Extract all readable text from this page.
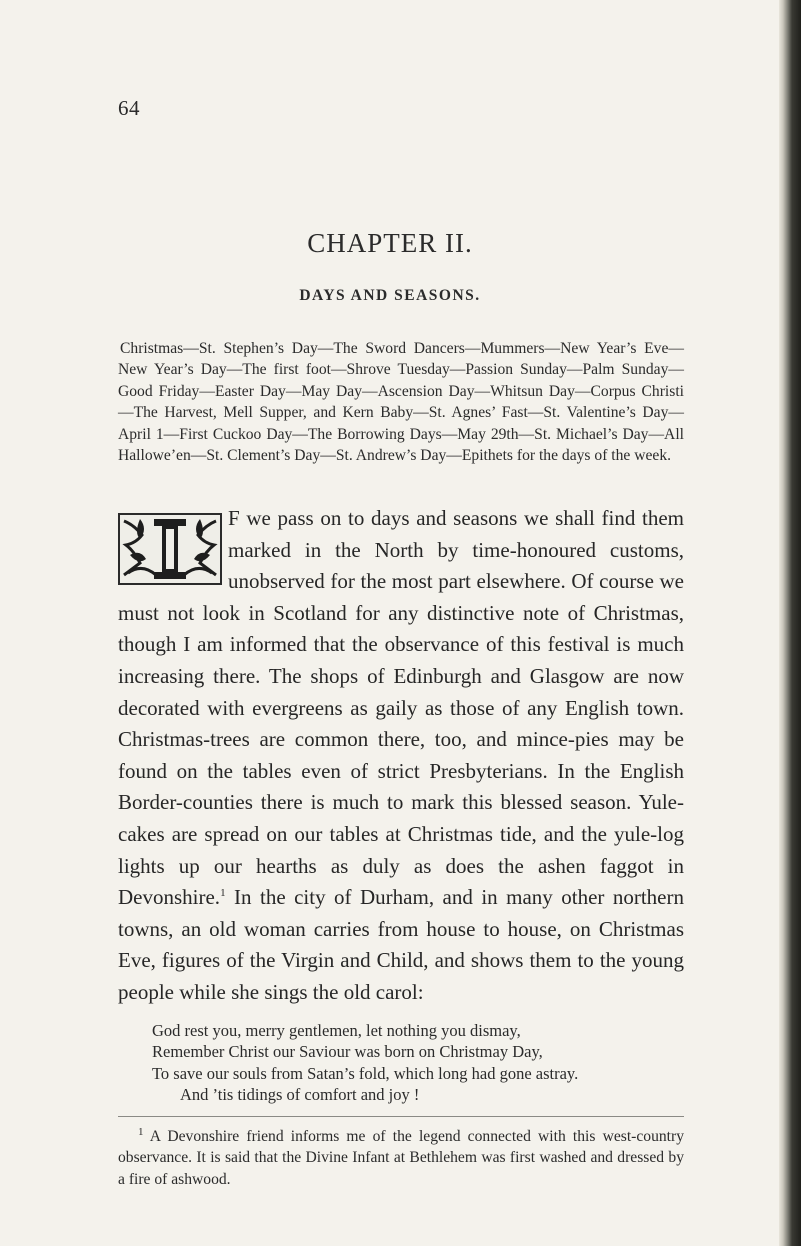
64
CHAPTER II.
DAYS AND SEASONS.
Christmas—St. Stephen’s Day—The Sword Dancers—Mummers—New Year’s Eve—New Year’s Day—The first foot—Shrove Tuesday—Passion Sunday—Palm Sunday—Good Friday—Easter Day—May Day—Ascension Day—Whitsun Day—Corpus Christi—The Harvest, Mell Supper, and Kern Baby—St. Agnes’ Fast—St. Valentine’s Day—April 1—First Cuckoo Day—The Borrowing Days—May 29th—St. Michael’s Day—All Hallowe’en—St. Clement’s Day—St. Andrew’s Day—Epithets for the days of the week.
F we pass on to days and seasons we shall find them marked in the North by time-honoured customs, unobserved for the most part elsewhere. Of course we must not look in Scotland for any distinctive note of Christmas, though I am informed that the observance of this festival is much increasing there. The shops of Edinburgh and Glasgow are now decorated with evergreens as gaily as those of any English town. Christmas-trees are common there, too, and mince-pies may be found on the tables even of strict Presbyterians. In the English Border-counties there is much to mark this blessed season. Yule-cakes are spread on our tables at Christmas tide, and the yule-log lights up our hearths as duly as does the ashen faggot in Devonshire.$^1$ In the city of Durham, and in many other northern towns, an old woman carries from house to house, on Christmas Eve, figures of the Virgin and Child, and shows them to the young people while she sings the old carol:
God rest you, merry gentlemen, let nothing you dismay,
Remember Christ our Saviour was born on Christmay Day,
To save our souls from Satan’s fold, which long had gone astray.
And ’tis tidings of comfort and joy !
$^1$ A Devonshire friend informs me of the legend connected with this west-country observance. It is said that the Divine Infant at Bethlehem was first washed and dressed by a fire of ashwood.
